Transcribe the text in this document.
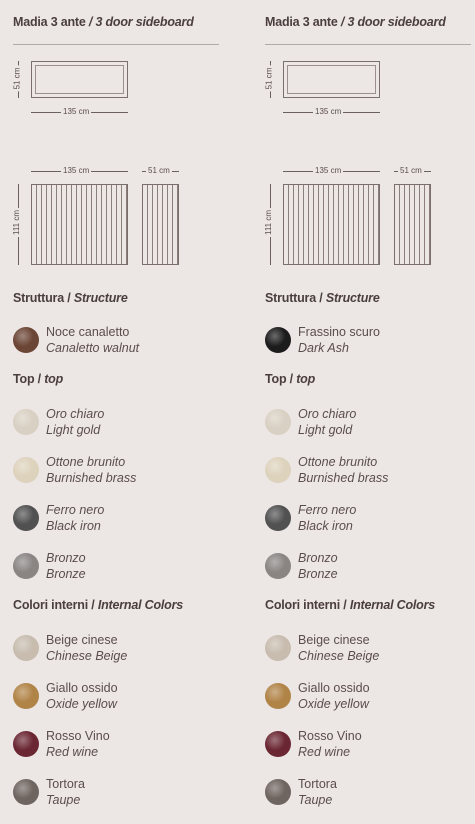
Madia 3 ante / 3 door sideboard
51 cm
135 cm
135 cm	51 cm
111 cm
Struttura / Structure
Noce canaletto
Canaletto walnut
Top / top
Oro chiaro
Light gold
Ottone brunito
Burnished brass
Ferro nero
Black iron
Bronzo
Bronze
Colori interni / Internal Colors
Beige cinese
Chinese Beige
Giallo ossido
Oxide yellow
Rosso Vino
Red wine
Tortora
Taupe
Madia 3 ante / 3 door sideboard
51 cm
135 cm
135 cm	51 cm
111 cm
Struttura / Structure
Frassino scuro
Dark Ash
Top / top
Oro chiaro
Light gold
Ottone brunito
Burnished brass
Ferro nero
Black iron
Bronzo
Bronze
Colori interni / Internal Colors
Beige cinese
Chinese Beige
Giallo ossido
Oxide yellow
Rosso Vino
Red wine
Tortora
Taupe
